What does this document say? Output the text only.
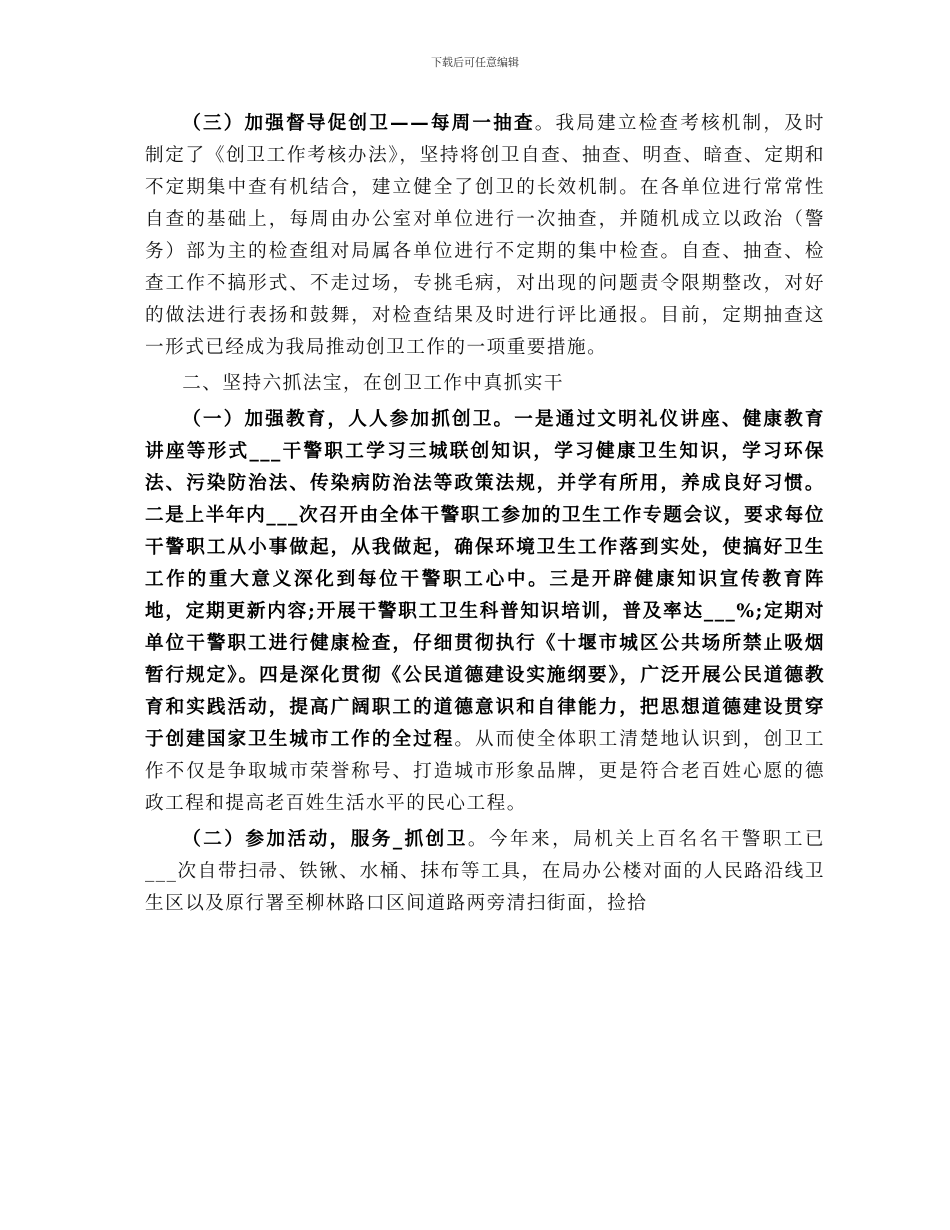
下载后可任意编辑

（三）加强督导促创卫——每周一抽查。我局建立检查考核机制，及时制定了《创卫工作考核办法》，坚持将创卫自查、抽查、明查、暗查、定期和不定期集中查有机结合，建立健全了创卫的长效机制。在各单位进行常常性自查的基础上，每周由办公室对单位进行一次抽查，并随机成立以政治（警务）部为主的检查组对局属各单位进行不定期的集中检查。自查、抽查、检查工作不搞形式、不走过场，专挑毛病，对出现的问题责令限期整改，对好的做法进行表扬和鼓舞，对检查结果及时进行评比通报。目前，定期抽查这一形式已经成为我局推动创卫工作的一项重要措施。

二、坚持六抓法宝，在创卫工作中真抓实干

（一）加强教育，人人参加抓创卫。一是通过文明礼仪讲座、健康教育讲座等形式___干警职工学习三城联创知识，学习健康卫生知识，学习环保法、污染防治法、传染病防治法等政策法规，并学有所用，养成良好习惯。二是上半年内___次召开由全体干警职工参加的卫生工作专题会议，要求每位干警职工从小事做起，从我做起，确保环境卫生工作落到实处，使搞好卫生工作的重大意义深化到每位干警职工心中。三是开辟健康知识宣传教育阵地，定期更新内容;开展干警职工卫生科普知识培训，普及率达___%;定期对单位干警职工进行健康检查，仔细贯彻执行《十堰市城区公共场所禁止吸烟暂行规定》。四是深化贯彻《公民道德建设实施纲要》，广泛开展公民道德教育和实践活动，提高广阔职工的道德意识和自律能力，把思想道德建设贯穿于创建国家卫生城市工作的全过程。从而使全体职工清楚地认识到，创卫工作不仅是争取城市荣誉称号、打造城市形象品牌，更是符合老百姓心愿的德政工程和提高老百姓生活水平的民心工程。

（二）参加活动，服务_抓创卫。今年来，局机关上百名名干警职工已___次自带扫帚、铁锹、水桶、抹布等工具，在局办公楼对面的人民路沿线卫生区以及原行署至柳林路口区间道路两旁清扫街面，捡拾
